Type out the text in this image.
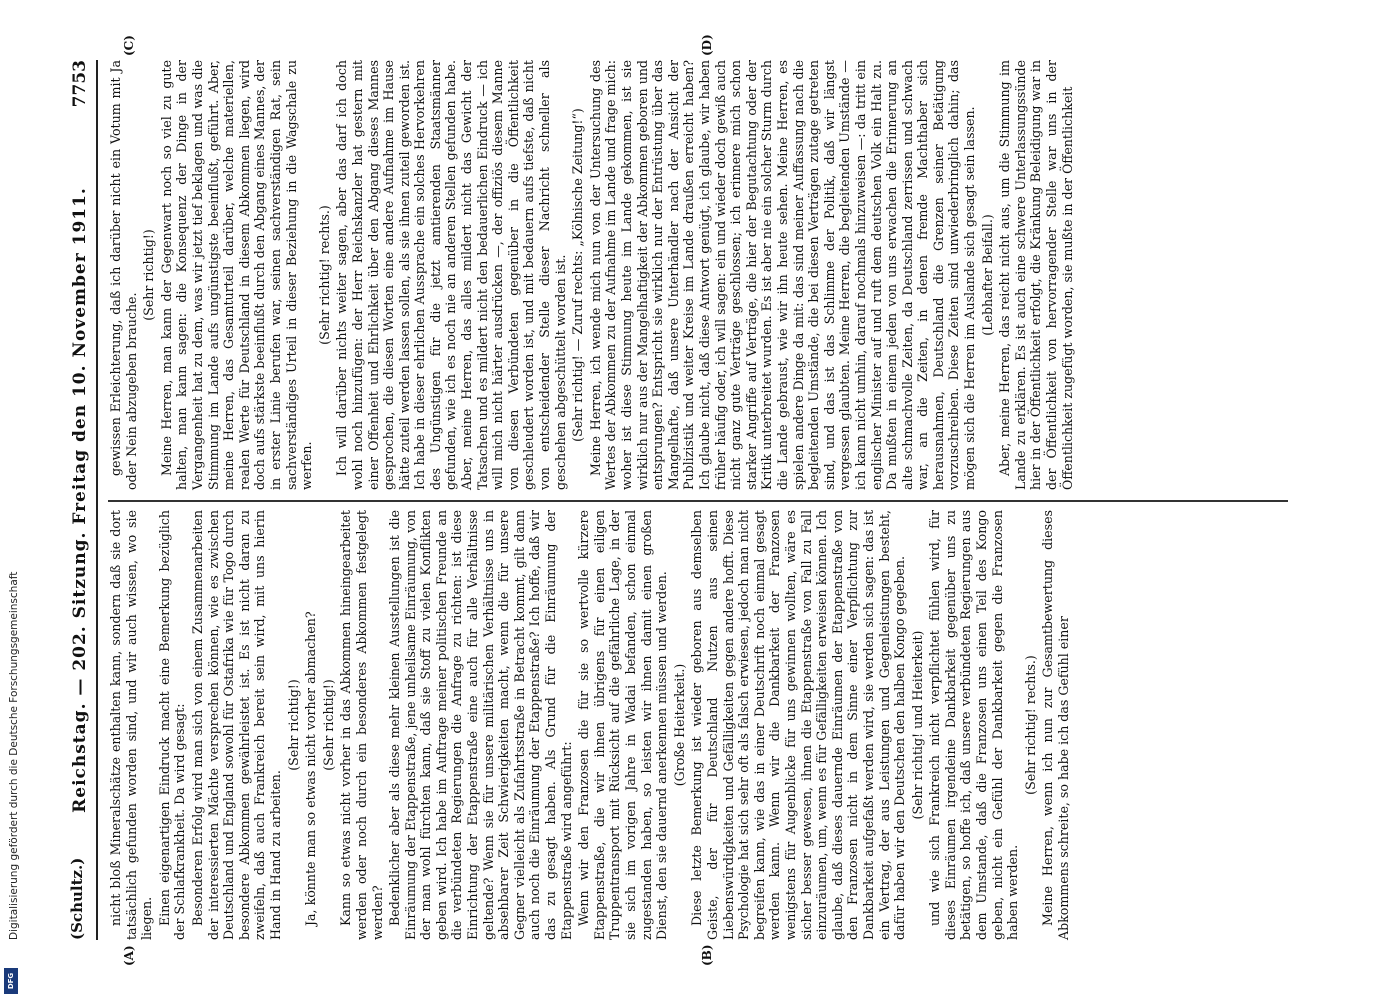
(Schultz.)
Reichstag. — 202. Sitzung. Freitag den 10. November 1911.
7753
(A)	(B)
(C)	(D)

nicht bloß Mineralschätze enthalten kann, sondern daß sie dort tatsächlich gefunden worden sind, und wir auch wissen, wo sie liegen. Einen eigenartigen Eindruck macht eine Bemerkung bezüglich der Schlafkrankheit. Da wird gesagt: Besonderen Erfolg wird man sich von einem Zusammenarbeiten der interessierten Mächte versprechen können, wie es zwischen Deutschland und England sowohl für Ostafrika wie für Togo durch besondere Abkommen gewährleistet ist. Es ist nicht daran zu zweifeln, daß auch Frankreich bereit sein wird, mit uns hierin Hand in Hand zu arbeiten.

(Sehr richtig!) Ja, könnte man so etwas nicht vorher abmachen? (Sehr richtig!) Kann so etwas nicht vorher in das Abkommen hineingearbeitet werden oder noch durch ein besonderes Abkommen festgelegt werden? Bedenklicher aber als diese mehr kleinen Ausstellungen ist die Einräumung der Etappenstraße, jene unheilsame Einräumung, von der man wohl fürchten kann, daß sie Stoff zu vielen Konflikten geben wird. Ich habe im Auftrage meiner politischen Freunde an die verbündeten Regierungen die Anfrage zu richten: ist diese Einrichtung der Etappenstraße eine auch für alle Verhältnisse geltende? Wenn sie für unsere militärischen Verhältnisse uns in absehbarer Zeit Schwierigkeiten macht, wenn die für unsere Gegner vielleicht als Zufahrtsstraße in Betracht kommt, gilt dann auch noch die Einräumung der Etappenstraße? Ich hoffe, daß wir das zu gesagt haben. Als Grund für die Einräumung der Etappenstraße wird angeführt: Wenn wir den Franzosen die für sie so wertvolle kürzere Etappenstraße, die wir ihnen übrigens für einen eiligen Truppentransport mit Rücksicht auf die gefährliche Lage, in der sie sich im vorigen Jahre in Wadai befanden, schon einmal zugestanden haben, so leisten wir ihnen damit einen großen Dienst, den sie dauernd anerkennen müssen und werden. (Große Heiterkeit.) Diese letzte Bemerkung ist wieder geboren aus demselben Geiste, der für Deutschland Nutzen aus seinen Liebenswürdigkeiten und Gefälligkeiten gegen andere hofft. Diese Psychologie hat sich sehr oft als falsch erwiesen, jedoch man nicht begreifen kann, wie das in einer Deutschrift noch einmal gesagt werden kann. Wenn wir die Dankbarkeit der Franzosen wenigstens für Augenblicke für uns gewinnen wollten, wäre es sicher besser gewesen, ihnen die Etappenstraße von Fall zu Fall einzuräumen, um, wenn es für Gefälligkeiten erweisen können. Ich glaube, daß dieses dauernde Einräumen der Etappenstraße von den Franzosen nicht in dem Sinne einer Verpflichtung zur Dankbarkeit aufgefaßt werden wird, sie werden sich sagen: das ist ein Vertrag, der aus Leistungen und Gegenleistungen besteht, dafür haben wir den Deutschen den halben Kongo gegeben. (Sehr richtig! und Heiterkeit) und wie sich Frankreich nicht verpflichtet fühlen wird, für dieses Einräumen irgendeine Dankbarkeit gegenüber uns zu betätigen, so hoffe ich, daß unsere verbündeten Regierungen aus dem Umstande, daß die Franzosen uns einen Teil des Kongo geben, nicht ein Gefühl der Dankbarkeit gegen die Franzosen haben werden.

(Sehr richtig! rechts.) Meine Herren, wenn ich nun zur Gesamtbewertung dieses Abkommens schreite, so habe ich das Gefühl einer

gewissen Erleichterung, daß ich darüber nicht ein Votum mit Ja oder Nein abzugeben brauche.

(Sehr richtig!) Meine Herren, man kann der Gegenwart noch so viel zu gute halten, man kann sagen: die Konsequenz der Dinge in der Vergangenheit hat zu dem, was wir jetzt tief beklagen und was die Stimmung im Lande aufs ungünstigste beeinflußt, geführt. Aber, meine Herren, das Gesamturteil darüber, welche materiellen, realen Werte für Deutschland in diesem Abkommen liegen, wird doch aufs stärkste beeinflußt durch den Abgang eines Mannes, der in erster Linie berufen war, seinen sachverständigen Rat, sein sachverständiges Urteil in dieser Beziehung in die Wagschale zu werfen.

(Sehr richtig! rechts.) Ich will darüber nichts weiter sagen, aber das darf ich doch wohl noch hinzufügen: der Herr Reichskanzler hat gestern mit einer Offenheit und Ehrlichkeit über den Abgang dieses Mannes gesprochen, die diesen Worten eine andere Aufnahme im Hause hätte zuteil werden lassen sollen, als sie ihnen zuteil geworden ist. Ich habe in dieser ehrlichen Aussprache ein solches Hervorkehren des Ungünstigen für die jetzt amtierenden Staatsmänner gefunden, wie ich es noch nie an anderen Stellen gefunden habe. Aber, meine Herren, das alles mildert nicht das Gewicht der Tatsachen und es mildert nicht den bedauerlichen Eindruck — ich will mich nicht härter ausdrücken —, der offiziös diesem Manne von diesen Verbündeten gegenüber in die Öffentlichkeit geschleudert worden ist, und mit bedauern aufs tiefste, daß nicht von entscheidender Stelle dieser Nachricht schneller als geschehen abgeschüttelt worden ist. (Sehr richtig! — Zuruf rechts: „Kölnische Zeitung!“) Meine Herren, ich wende mich nun von der Untersuchung des Wertes der Abkommen zu der Aufnahme im Lande und frage mich: woher ist diese Stimmung heute im Lande gekommen, ist sie wirklich nur aus der Mangelhaftigkeit der Abkommen geboren und entsprungen? Entspricht sie wirklich nur der Entrüstung über das Mangelhafte, daß unsere Unterhändler nach der Ansicht der Publizistik und weiter Kreise im Lande draußen erreicht haben? Ich glaube nicht, daß diese Antwort genügt, ich glaube, wir haben früher häufig oder, ich will sagen: ein und wieder doch gewiß auch nicht ganz gute Verträge geschlossen; ich erinnere mich schon starker Angriffe auf Verträge, die hier der Begutachtung oder der Kritik unterbreitet wurden. Es ist aber nie ein solcher Sturm durch die Lande gebraust, wie wir ihn heute sehen. Meine Herren, es spielen andere Dinge da mit: das sind meiner Auffassung nach die begleitenden Umstände, die bei diesen Verträgen zutage getreten sind, und das ist das Schlimme der Politik, daß wir längst vergessen glaubten. Meine Herren, die begleitenden Umstände — ich kann nicht umhin, darauf nochmals hinzuweisen —: da tritt ein englischer Minister auf und ruft dem deutschen Volk ein Halt zu. Da mußten in einem jeden von uns erwachen die Erinnerung an alte schmachvolle Zeiten, da Deutschland zerrissen und schwach war, an die Zeiten, in denen fremde Machthaber sich herausnahmen, Deutschland die Grenzen seiner Betätigung vorzuschreiben. Diese Zeiten sind unwiederbringlich dahin; das mögen sich die Herren im Auslande sich gesagt sein lassen. (Lebhafter Beifall.) Aber, meine Herren, das reicht nicht aus, um die Stimmung im Lande zu erklären. Es ist auch eine schwere Unterlassungssünde hier in der Öffentlichkeit erfolgt, die Kränkung Beleidigung war in der Öffentlichkeit von hervorragender Stelle war uns in der Öffentlichkeit zugefügt worden, sie mußte in der Öffentlichkeit

Digitalisierung gefördert durch die Deutsche Forschungsgemeinschaft
DFG
